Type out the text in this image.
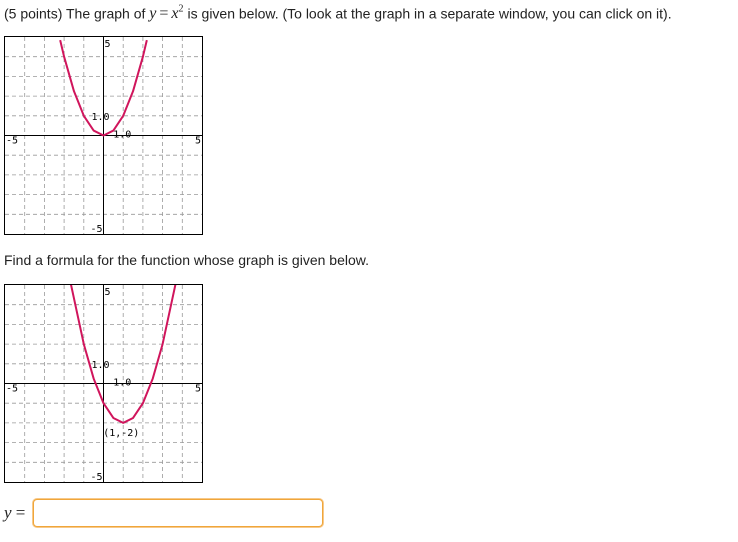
(5 points) The graph of $y = x^2$ is given below. (To look at the graph in a separate window, you can click on it).
-5	5
5
-5
1.0
1.0
Find a formula for the function whose graph is given below.
-5	5
5
-5
1.0
1.0
(1,-2)
y =
